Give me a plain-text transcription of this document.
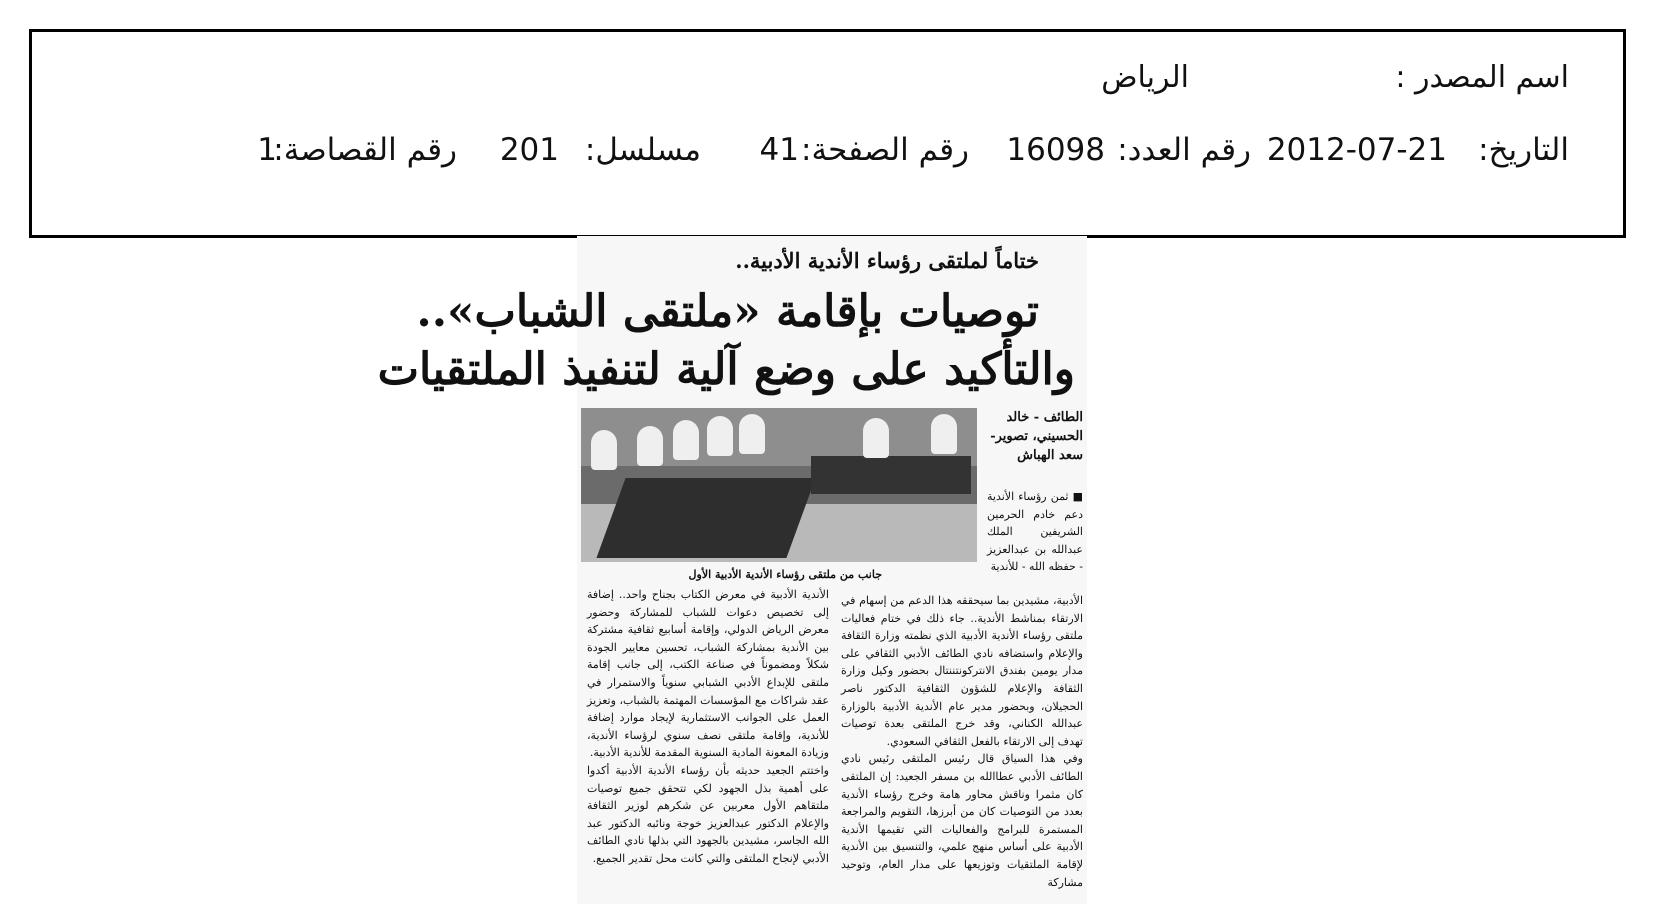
اسم المصدر :
الرياض
التاريخ:
2012-07-21
رقم العدد:
16098
رقم الصفحة:
41
مسلسل:
201
رقم القصاصة:
1
ختاماً لملتقى رؤساء الأندية الأدبية..
توصيات بإقامة «ملتقى الشباب»..
والتأكيد على وضع آلية لتنفيذ الملتقيات
الطائف - خالد الحسيني، تصوير- سعد الهباش
■ ثمن رؤساء الأندية دعم خادم الحرمين الشريفين الملك عبدالله بن عبدالعزيز - حفظه الله - للأندية
جانب من ملتقى رؤساء الأندية الأدبية الأول

الأدبية، مشيدين بما سيحققه هذا الدعم من إسهام في الارتقاء بمناشط الأندية.. جاء ذلك في ختام فعاليات ملتقى رؤساء الأندية الأدبية الذي نظمته وزارة الثقافة والإعلام واستضافه نادي الطائف الأدبي الثقافي على مدار يومين بفندق الانتركونتننتال بحضور وكيل وزارة الثقافة والإعلام للشؤون الثقافية الدكتور ناصر الحجيلان، وبحضور مدير عام الأندية الأدبية بالوزارة عبدالله الكناني، وقد خرج الملتقى بعدة توصيات تهدف إلى الارتقاء بالفعل الثقافي السعودي.

وفي هذا السياق قال رئيس الملتقى رئيس نادي الطائف الأدبي عطاالله بن مسفر الجعيد: إن الملتقى كان مثمرا وناقش محاور هامة وخرج رؤساء الأندية بعدد من التوصيات كان من أبرزها، التقويم والمراجعة المستمرة للبرامج والفعاليات التي تقيمها الأندية الأدبية على أساس منهج علمي، والتنسيق بين الأندية لإقامة الملتقيات وتوزيعها على مدار العام، وتوحيد مشاركة

الأندية الأدبية في معرض الكتاب بجناح واحد.. إضافة إلى تخصيص دعوات للشباب للمشاركة وحضور معرض الرياض الدولي، وإقامة أسابيع ثقافية مشتركة بين الأندية بمشاركة الشباب، تحسين معايير الجودة شكلاً ومضموناً في صناعة الكتب، إلى جانب إقامة ملتقى للإبداع الأدبي الشبابي سنوياً والاستمرار في عقد شراكات مع المؤسسات المهتمة بالشباب، وتعزيز العمل على الجوانب الاستثمارية لإيجاد موارد إضافة للأندية، وإقامة ملتقى نصف سنوي لرؤساء الأندية، وزيادة المعونة المادية السنوية المقدمة للأندية الأدبية.

واختتم الجعيد حديثه بأن رؤساء الأندية الأدبية أكدوا على أهمية بذل الجهود لكي تتحقق جميع توصيات ملتقاهم الأول معربين عن شكرهم لوزير الثقافة والإعلام الدكتور عبدالعزيز خوجة ونائبه الدكتور عبد الله الجاسر، مشيدين بالجهود التي بذلها نادي الطائف الأدبي لإنجاح الملتقى والتي كانت محل تقدير الجميع.
